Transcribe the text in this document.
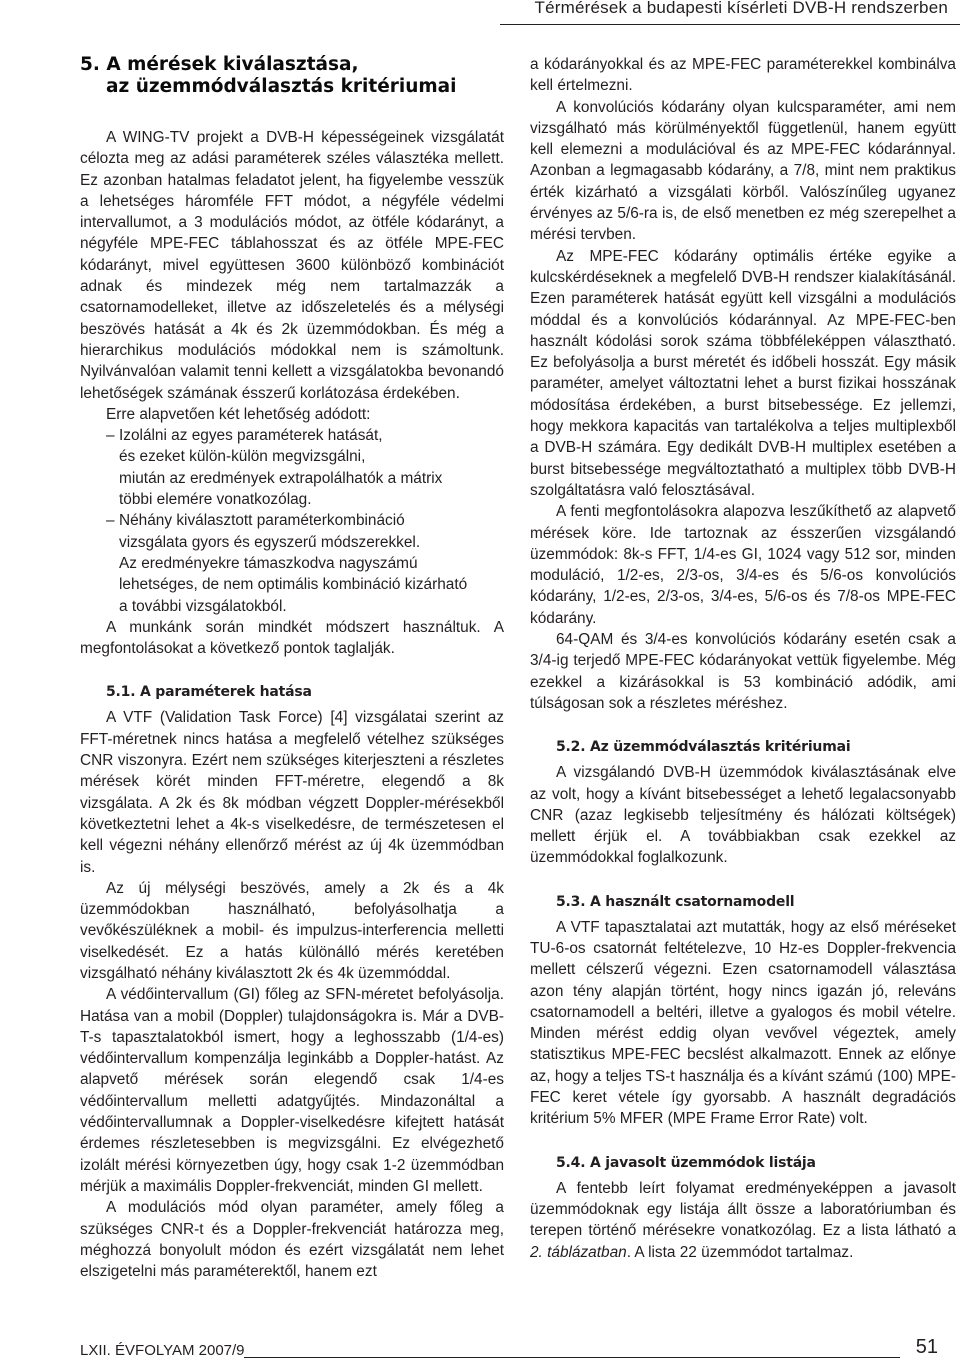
Térmérések a budapesti kísérleti DVB-H rendszerben
5. A mérések kiválasztása,
az üzemmódválasztás kritériumai

A WING-TV projekt a DVB-H képességeinek vizsgálatát célozta meg az adási paraméterek széles választéka mellett. Ez azonban hatalmas feladatot jelent, ha figyelembe vesszük a lehetséges háromféle FFT módot, a négyféle védelmi intervallumot, a 3 modulációs módot, az ötféle kódarányt, a négyféle MPE-FEC táblahosszat és az ötféle MPE-FEC kódarányt, mivel együttesen 3600 különböző kombinációt adnak és mindezek még nem tartalmazzák a csatornamodelleket, illetve az időszeletelés és a mélységi beszövés hatását a 4k és 2k üzemmódokban. És még a hierarchikus modulációs módokkal nem is számoltunk. Nyilvánvalóan valamit tenni kellett a vizsgálatokba bevonandó lehetőségek számának ésszerű korlátozása érdekében.

Erre alapvetően két lehetőség adódott:

– Izolálni az egyes paraméterek hatását,
és ezeket külön-külön megvizsgálni,
miután az eredmények extrapolálhatók a mátrix
többi elemére vonatkozólag.
– Néhány kiválasztott paraméterkombináció
vizsgálata gyors és egyszerű módszerekkel.
Az eredményekre támaszkodva nagyszámú
lehetséges, de nem optimális kombináció kizárható
a további vizsgálatokból.

A munkánk során mindkét módszert használtuk. A megfontolásokat a következő pontok taglalják.

5.1. A paraméterek hatása

A VTF (Validation Task Force) [4] vizsgálatai szerint az FFT-méretnek nincs hatása a megfelelő vételhez szükséges CNR viszonyra. Ezért nem szükséges kiterjeszteni a részletes mérések körét minden FFT-méretre, elegendő a 8k vizsgálata. A 2k és 8k módban végzett Doppler-mérésekből következtetni lehet a 4k-s viselkedésre, de természetesen el kell végezni néhány ellenőrző mérést az új 4k üzemmódban is.

Az új mélységi beszövés, amely a 2k és a 4k üzemmódokban használható, befolyásolhatja a vevőkészüléknek a mobil- és impulzus-interferencia melletti viselkedését. Ez a hatás különálló mérés keretében vizsgálható néhány kiválasztott 2k és 4k üzemmóddal.

A védőintervallum (GI) főleg az SFN-méretet befolyásolja. Hatása van a mobil (Doppler) tulajdonságokra is. Már a DVB-T-s tapasztalatokból ismert, hogy a leghosszabb (1/4-es) védőintervallum kompenzálja leginkább a Doppler-hatást. Az alapvető mérések során elegendő csak 1/4-es védőintervallum melletti adatgyűjtés. Mindazonáltal a védőintervallumnak a Doppler-viselkedésre kifejtett hatását érdemes részletesebben is megvizsgálni. Ez elvégezhető izolált mérési környezetben úgy, hogy csak 1-2 üzemmódban mérjük a maximális Doppler-frekvenciát, minden GI mellett.

A modulációs mód olyan paraméter, amely főleg a szükséges CNR-t és a Doppler-frekvenciát határozza meg, méghozzá bonyolult módon és ezért vizsgálatát nem lehet elszigetelni más paraméterektől, hanem ezt

a kódarányokkal és az MPE-FEC paraméterekkel kombinálva kell értelmezni.

A konvolúciós kódarány olyan kulcsparaméter, ami nem vizsgálható más körülményektől függetlenül, hanem együtt kell elemezni a modulációval és az MPE-FEC kódaránnyal. Azonban a legmagasabb kódarány, a 7/8, mint nem praktikus érték kizárható a vizsgálati körből. Valószínűleg ugyanez érvényes az 5/6-ra is, de első menetben ez még szerepelhet a mérési tervben.

Az MPE-FEC kódarány optimális értéke egyike a kulcskérdéseknek a megfelelő DVB-H rendszer kialakításánál. Ezen paraméterek hatását együtt kell vizsgálni a modulációs móddal és a konvolúciós kódaránnyal. Az MPE-FEC-ben használt kódolási sorok száma többféleképpen választható. Ez befolyásolja a burst méretét és időbeli hosszát. Egy másik paraméter, amelyet változtatni lehet a burst fizikai hosszának módosítása érdekében, a burst bitsebessége. Ez jellemzi, hogy mekkora kapacitás van tartalékolva a teljes multiplexből a DVB-H számára. Egy dedikált DVB-H multiplex esetében a burst bitsebessége megváltoztatható a multiplex több DVB-H szolgáltatásra való felosztásával.

A fenti megfontolásokra alapozva leszűkíthető az alapvető mérések köre. Ide tartoznak az ésszerűen vizsgálandó üzemmódok: 8k-s FFT, 1/4-es GI, 1024 vagy 512 sor, minden moduláció, 1/2-es, 2/3-os, 3/4-es és 5/6-os konvolúciós kódarány, 1/2-es, 2/3-os, 3/4-es, 5/6-os és 7/8-os MPE-FEC kódarány.

64-QAM és 3/4-es konvolúciós kódarány esetén csak a 3/4-ig terjedő MPE-FEC kódarányokat vettük figyelembe. Még ezekkel a kizárásokkal is 53 kombináció adódik, ami túlságosan sok a részletes méréshez.

5.2. Az üzemmódválasztás kritériumai

A vizsgálandó DVB-H üzemmódok kiválasztásának elve az volt, hogy a kívánt bitsebességet a lehető legalacsonyabb CNR (azaz legkisebb teljesítmény és hálózati költségek) mellett érjük el. A továbbiakban csak ezekkel az üzemmódokkal foglalkozunk.

5.3. A használt csatornamodell

A VTF tapasztalatai azt mutatták, hogy az első méréseket TU-6-os csatornát feltételezve, 10 Hz-es Doppler-frekvencia mellett célszerű végezni. Ezen csatornamodell választása azon tény alapján történt, hogy nincs igazán jó, releváns csatornamodell a beltéri, illetve a gyalogos és mobil vételre. Minden mérést eddig olyan vevővel végeztek, amely statisztikus MPE-FEC becslést alkalmazott. Ennek az előnye az, hogy a teljes TS-t használja és a kívánt számú (100) MPE-FEC keret vétele így gyorsabb. A használt degradációs kritérium 5% MFER (MPE Frame Error Rate) volt.

5.4. A javasolt üzemmódok listája

A fentebb leírt folyamat eredményeképpen a javasolt üzemmódoknak egy listája állt össze a laboratóriumban és terepen történő mérésekre vonatkozólag. Ez a lista látható a 2. táblázatban. A lista 22 üzemmódot tartalmaz.

LXII. ÉVFOLYAM 2007/9	51
